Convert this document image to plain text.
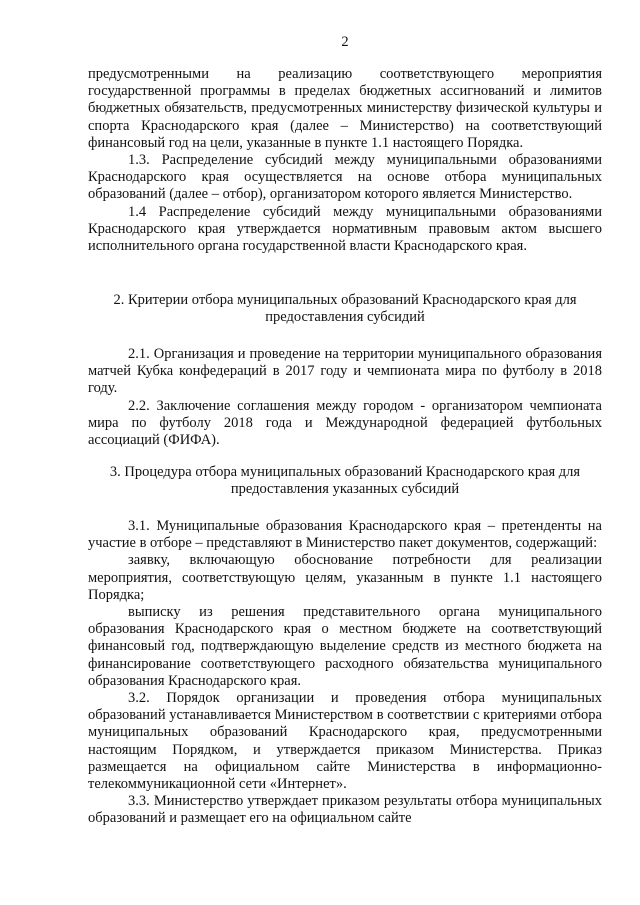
2

предусмотренными на реализацию соответствующего мероприятия государственной программы в пределах бюджетных ассигнований и лимитов бюджетных обязательств, предусмотренных министерству физической культуры и спорта Краснодарского края (далее – Министерство) на соответствующий финансовый год на цели, указанные в пункте 1.1 настоящего Порядка.

1.3. Распределение субсидий между муниципальными образованиями Краснодарского края осуществляется на основе отбора муниципальных образований (далее – отбор), организатором которого является Министерство.

1.4 Распределение субсидий между муниципальными образованиями Краснодарского края утверждается нормативным правовым актом высшего исполнительного органа государственной власти Краснодарского края.

2. Критерии отбора муниципальных образований Краснодарского края для предоставления субсидий

2.1. Организация и проведение на территории муниципального образования матчей Кубка конфедераций в 2017 году и чемпионата мира по футболу в 2018 году.

2.2. Заключение соглашения между городом - организатором чемпионата мира по футболу 2018 года и Международной федерацией футбольных ассоциаций (ФИФА).

3. Процедура отбора муниципальных образований Краснодарского края для предоставления указанных субсидий

3.1. Муниципальные образования Краснодарского края – претенденты на участие в отборе – представляют в Министерство пакет документов, содержащий:

заявку, включающую обоснование потребности для реализации мероприятия, соответствующую целям, указанным в пункте 1.1 настоящего Порядка;

выписку из решения представительного органа муниципального образования Краснодарского края о местном бюджете на соответствующий финансовый год, подтверждающую выделение средств из местного бюджета на финансирование соответствующего расходного обязательства муниципального образования Краснодарского края.

3.2. Порядок организации и проведения отбора муниципальных образований устанавливается Министерством в соответствии с критериями отбора муниципальных образований Краснодарского края, предусмотренными настоящим Порядком, и утверждается приказом Министерства. Приказ размещается на официальном сайте Министерства в информационно-телекоммуникационной сети «Интернет».

3.3. Министерство утверждает приказом результаты отбора муниципальных образований и размещает его на официальном сайте
